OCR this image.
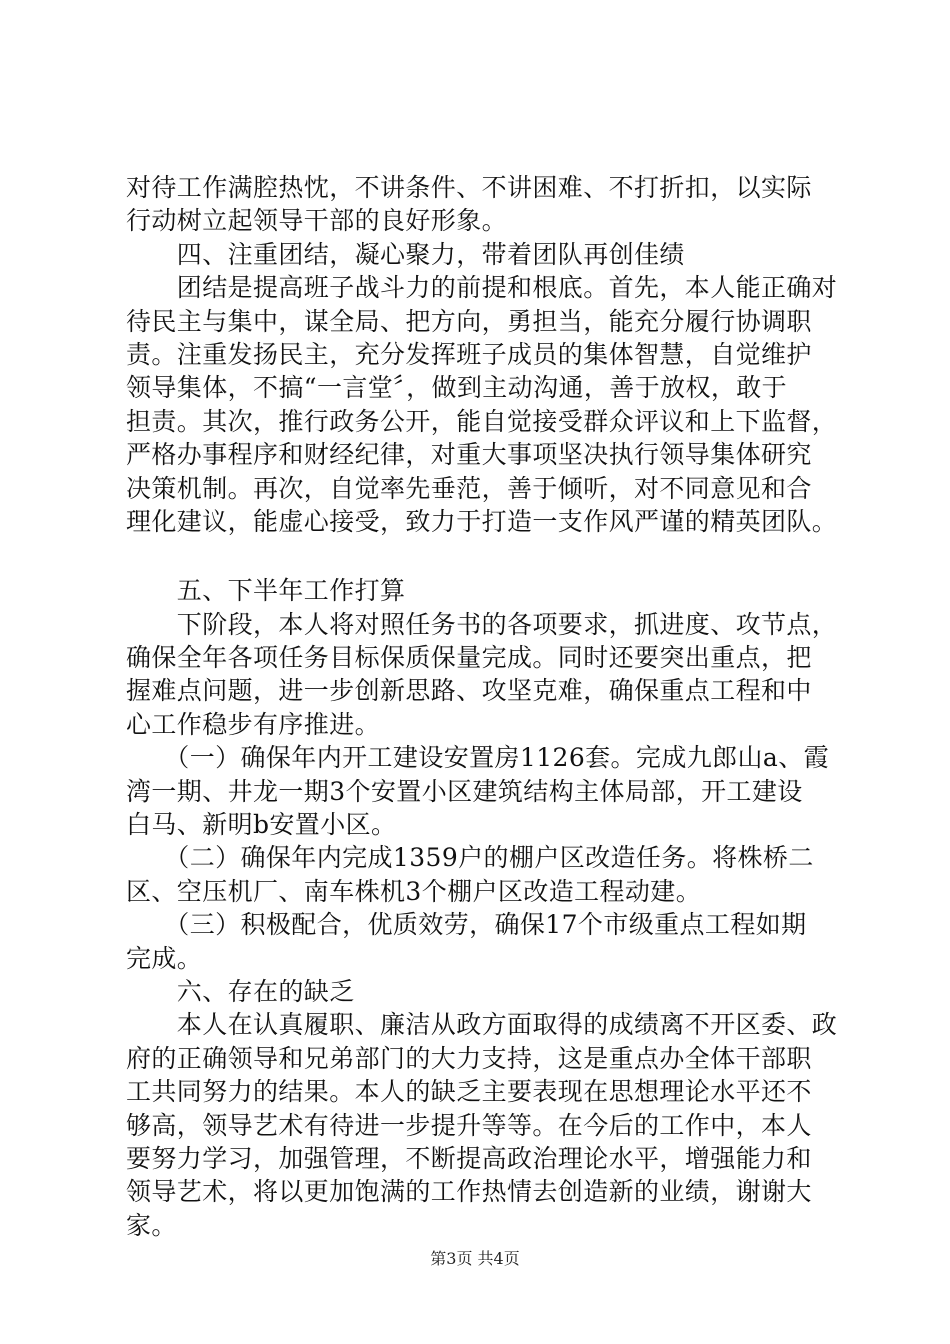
对待工作满腔热忱，不讲条件、不讲困难、不打折扣，以实际
行动树立起领导干部的良好形象。
　　四、注重团结，凝心聚力，带着团队再创佳绩
　　团结是提高班子战斗力的前提和根底。首先，本人能正确对
待民主与集中，谋全局、把方向，勇担当，能充分履行协调职
责。注重发扬民主，充分发挥班子成员的集体智慧，自觉维护
领导集体，不搞“一言堂〞，做到主动沟通，善于放权，敢于
担责。其次，推行政务公开，能自觉接受群众评议和上下监督，
严格办事程序和财经纪律，对重大事项坚决执行领导集体研究
决策机制。再次，自觉率先垂范，善于倾听，对不同意见和合
理化建议，能虚心接受，致力于打造一支作风严谨的精英团队。
　　五、下半年工作打算
　　下阶段，本人将对照任务书的各项要求，抓进度、攻节点，
确保全年各项任务目标保质保量完成。同时还要突出重点，把
握难点问题，进一步创新思路、攻坚克难，确保重点工程和中
心工作稳步有序推进。
　　（一）确保年内开工建设安置房1126套。完成九郎山a、霞
湾一期、井龙一期3个安置小区建筑结构主体局部，开工建设
白马、新明b安置小区。
　　（二）确保年内完成1359户的棚户区改造任务。将株桥二
区、空压机厂、南车株机3个棚户区改造工程动建。
　　（三）积极配合，优质效劳，确保17个市级重点工程如期
完成。
　　六、存在的缺乏
　　本人在认真履职、廉洁从政方面取得的成绩离不开区委、政
府的正确领导和兄弟部门的大力支持，这是重点办全体干部职
工共同努力的结果。本人的缺乏主要表现在思想理论水平还不
够高，领导艺术有待进一步提升等等。在今后的工作中，本人
要努力学习，加强管理，不断提高政治理论水平，增强能力和
领导艺术，将以更加饱满的工作热情去创造新的业绩，谢谢大
家。
第3页 共4页
